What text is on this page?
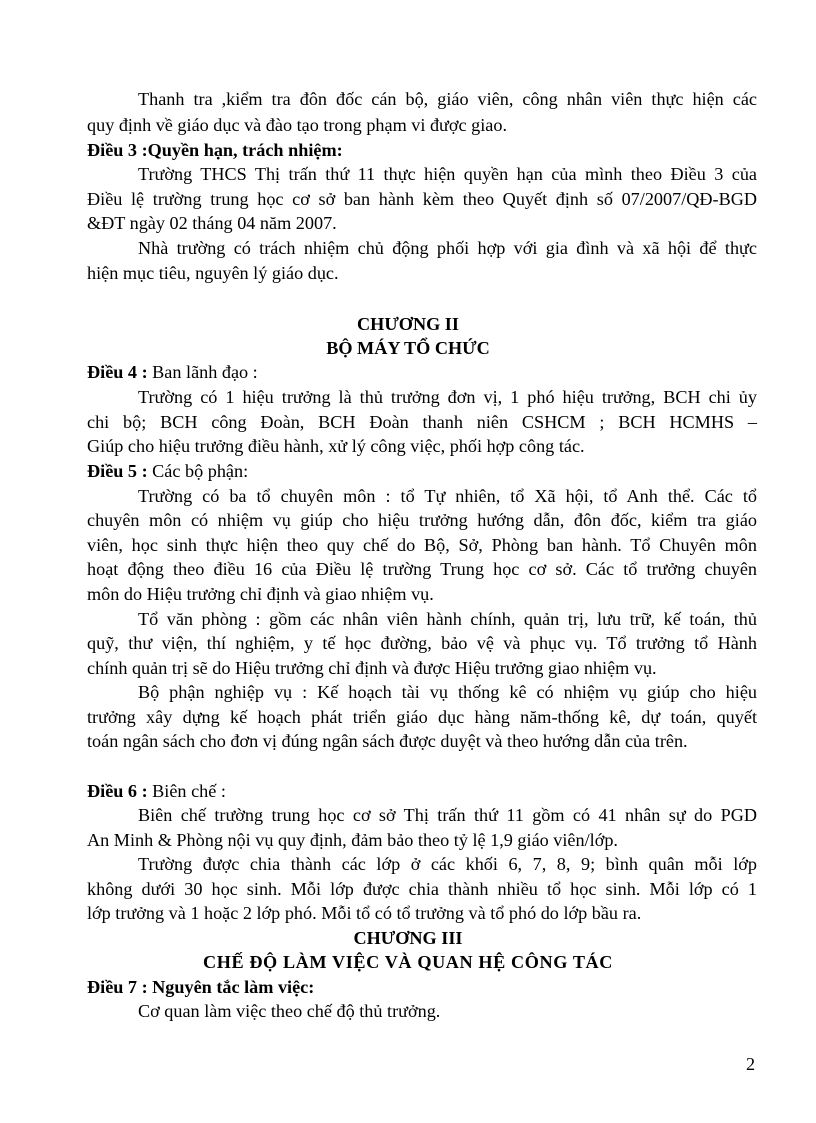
Thanh tra ,kiểm tra đôn đốc cán bộ, giáo viên, công nhân viên thực hiện các
quy định về giáo dục và đào tạo trong phạm vi được giao.
Điều 3 :Quyền hạn, trách nhiệm:
Trường THCS Thị trấn thứ 11 thực hiện quyền hạn của mình theo Điều 3 của
Điều lệ trường trung học cơ sở ban hành kèm theo Quyết định số 07/2007/QĐ-BGD
&ĐT ngày 02 tháng 04 năm 2007.
Nhà trường có trách nhiệm chủ động phối hợp với gia đình và xã hội để thực
hiện mục tiêu, nguyên lý giáo dục.
CHƯƠNG II
BỘ MÁY TỔ CHỨC
Điều 4 : Ban lãnh đạo :
Trường có 1 hiệu trưởng là thủ trưởng đơn vị, 1 phó hiệu trưởng, BCH chi ủy
chi bộ; BCH công Đoàn, BCH Đoàn thanh niên CSHCM ; BCH HCMHS –
Giúp cho hiệu trưởng điều hành, xử lý công việc, phối hợp công tác.
Điều 5 : Các bộ phận:
Trường có ba tổ chuyên môn : tổ Tự nhiên, tổ Xã hội, tổ Anh thể. Các tổ
chuyên môn có nhiệm vụ giúp cho hiệu trưởng hướng dẫn, đôn đốc, kiểm tra giáo
viên, học sinh thực hiện theo quy chế do Bộ, Sở, Phòng ban hành. Tổ Chuyên môn
hoạt động theo điều 16 của Điều lệ trường Trung học cơ sở. Các tổ trưởng chuyên
môn do Hiệu trưởng chỉ định và giao nhiệm vụ.
Tổ văn phòng : gồm các nhân viên hành chính, quản trị, lưu trữ, kế toán, thủ
quỹ, thư viện, thí nghiệm, y tế học đường, bảo vệ và phục vụ. Tổ trưởng tổ Hành
chính quản trị sẽ do Hiệu trưởng chỉ định và được Hiệu trưởng giao nhiệm vụ.
Bộ phận nghiệp vụ : Kế hoạch tài vụ thống kê có nhiệm vụ giúp cho hiệu
trưởng xây dựng kế hoạch phát triển giáo dục hàng năm-thống kê, dự toán, quyết
toán ngân sách cho đơn vị đúng ngân sách được duyệt và theo hướng dẫn của trên.
Điều 6 : Biên chế :
Biên chế trường trung học cơ sở Thị trấn thứ 11 gồm có 41 nhân sự do PGD
An Minh & Phòng nội vụ quy định, đảm bảo theo tỷ lệ 1,9 giáo viên/lớp.
Trường được chia thành các lớp ở các khối 6, 7, 8, 9; bình quân mỗi lớp
không dưới 30 học sinh. Mỗi lớp được chia thành nhiều tổ học sinh. Mỗi lớp có 1
lớp trưởng và 1 hoặc 2 lớp phó. Mỗi tổ có tổ trưởng và tổ phó do lớp bầu ra.
CHƯƠNG III
CHẾ ĐỘ LÀM VIỆC VÀ QUAN HỆ CÔNG TÁC
Điều 7 : Nguyên tắc làm việc:
Cơ quan làm việc theo chế độ thủ trưởng.
2
